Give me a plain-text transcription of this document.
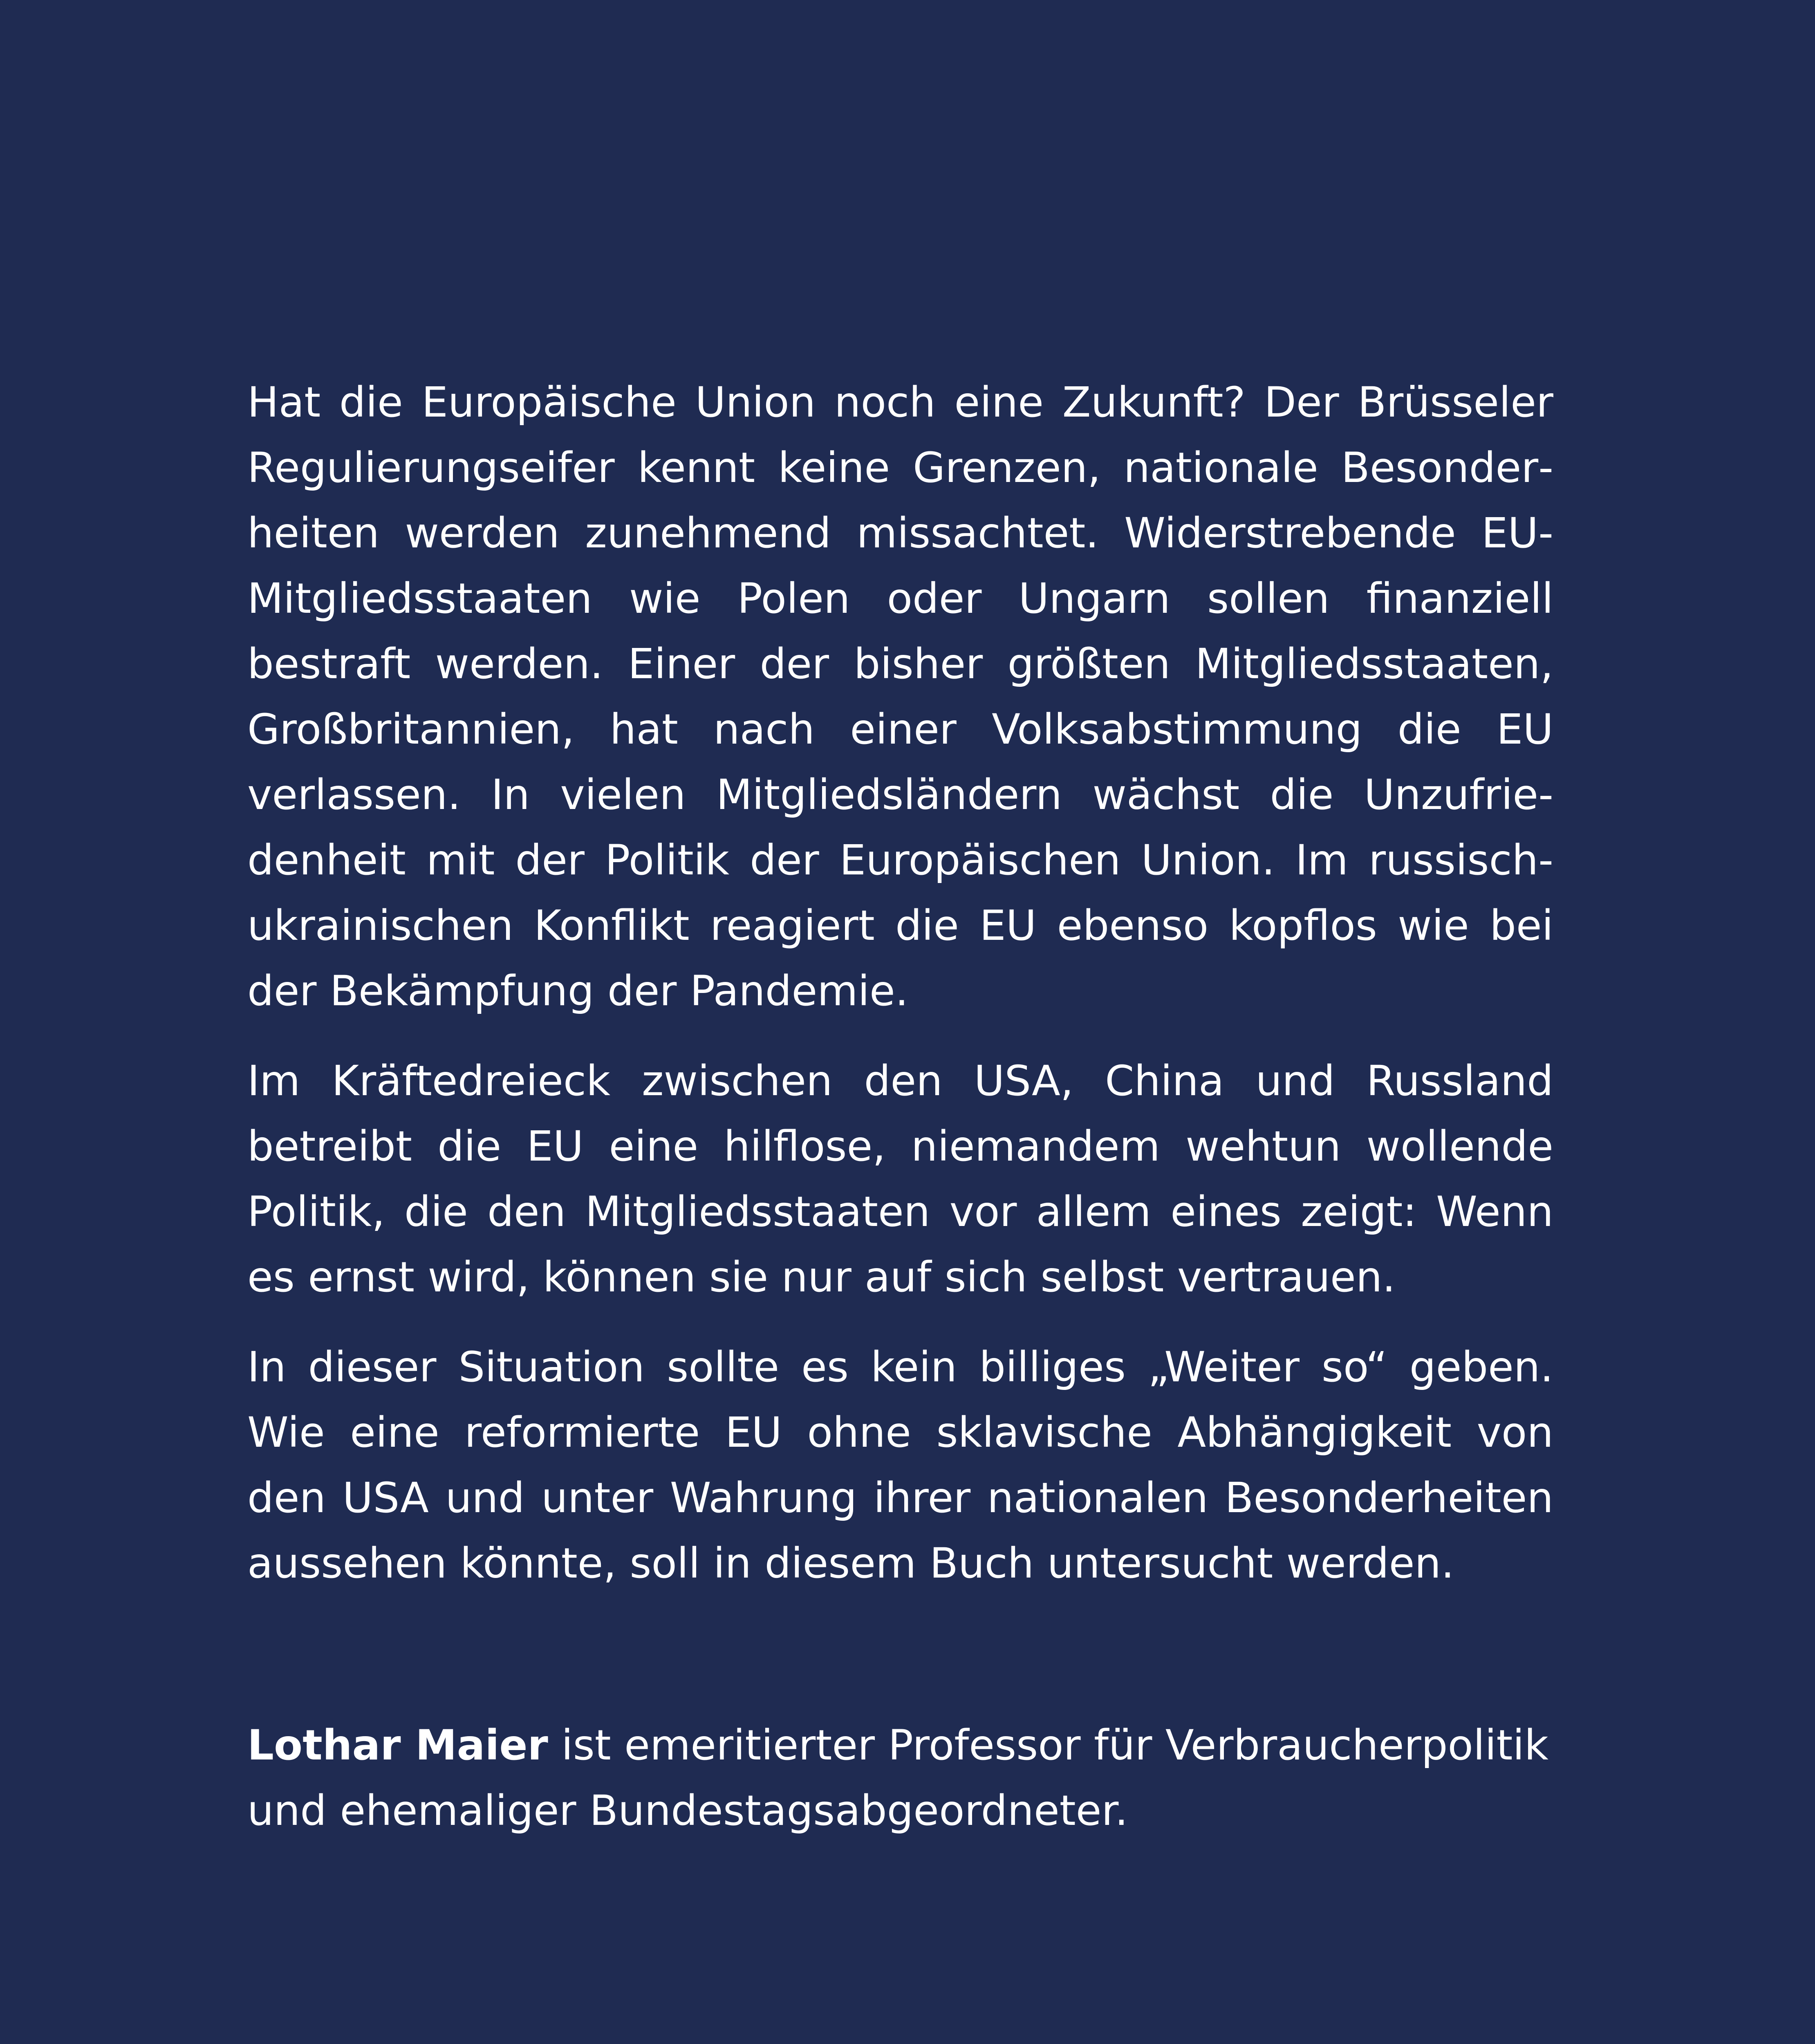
Hat die Europäische Union noch eine Zukunft? Der Brüsseler Regulierungseifer kennt keine Grenzen, nationale Besonderheiten werden zunehmend missachtet. Widerstrebende EU-Mitgliedsstaaten wie Polen oder Ungarn sollen finanziell bestraft werden. Einer der bisher größten Mitgliedsstaaten, Großbritannien, hat nach einer Volksabstimmung die EU verlassen. In vielen Mitgliedsländern wächst die Unzufriedenheit mit der Politik der Europäischen Union. Im russisch-ukrainischen Konflikt reagiert die EU ebenso kopflos wie bei der Bekämpfung der Pandemie.

Im Kräftedreieck zwischen den USA, China und Russland betreibt die EU eine hilflose, niemandem wehtun wollende Politik, die den Mitgliedsstaaten vor allem eines zeigt: Wenn es ernst wird, können sie nur auf sich selbst vertrauen.

In dieser Situation sollte es kein billiges „Weiter so“ geben. Wie eine reformierte EU ohne sklavische Abhängigkeit von den USA und unter Wahrung ihrer nationalen Besonderheiten aussehen könnte, soll in diesem Buch untersucht werden.

Lothar Maier ist emeritierter Professor für Verbraucherpolitik und ehemaliger Bundestagsabgeordneter.
